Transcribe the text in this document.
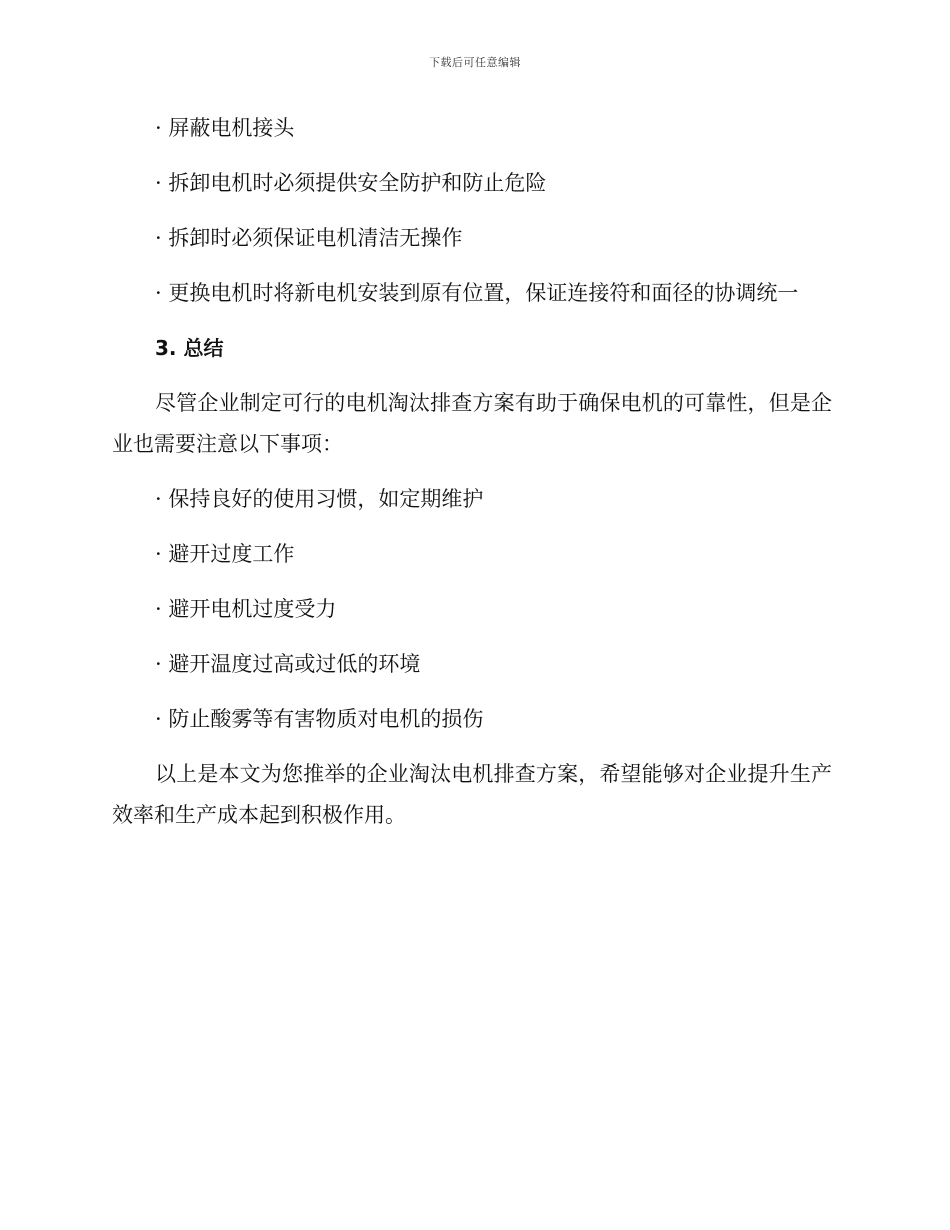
下载后可任意编辑

· 屏蔽电机接头

· 拆卸电机时必须提供安全防护和防止危险

· 拆卸时必须保证电机清洁无操作

· 更换电机时将新电机安装到原有位置，保证连接符和面径的协调统一

3. 总结

尽管企业制定可行的电机淘汰排查方案有助于确保电机的可靠性，但是企业也需要注意以下事项：

· 保持良好的使用习惯，如定期维护

· 避开过度工作

· 避开电机过度受力

· 避开温度过高或过低的环境

· 防止酸雾等有害物质对电机的损伤

以上是本文为您推举的企业淘汰电机排查方案，希望能够对企业提升生产效率和生产成本起到积极作用。
